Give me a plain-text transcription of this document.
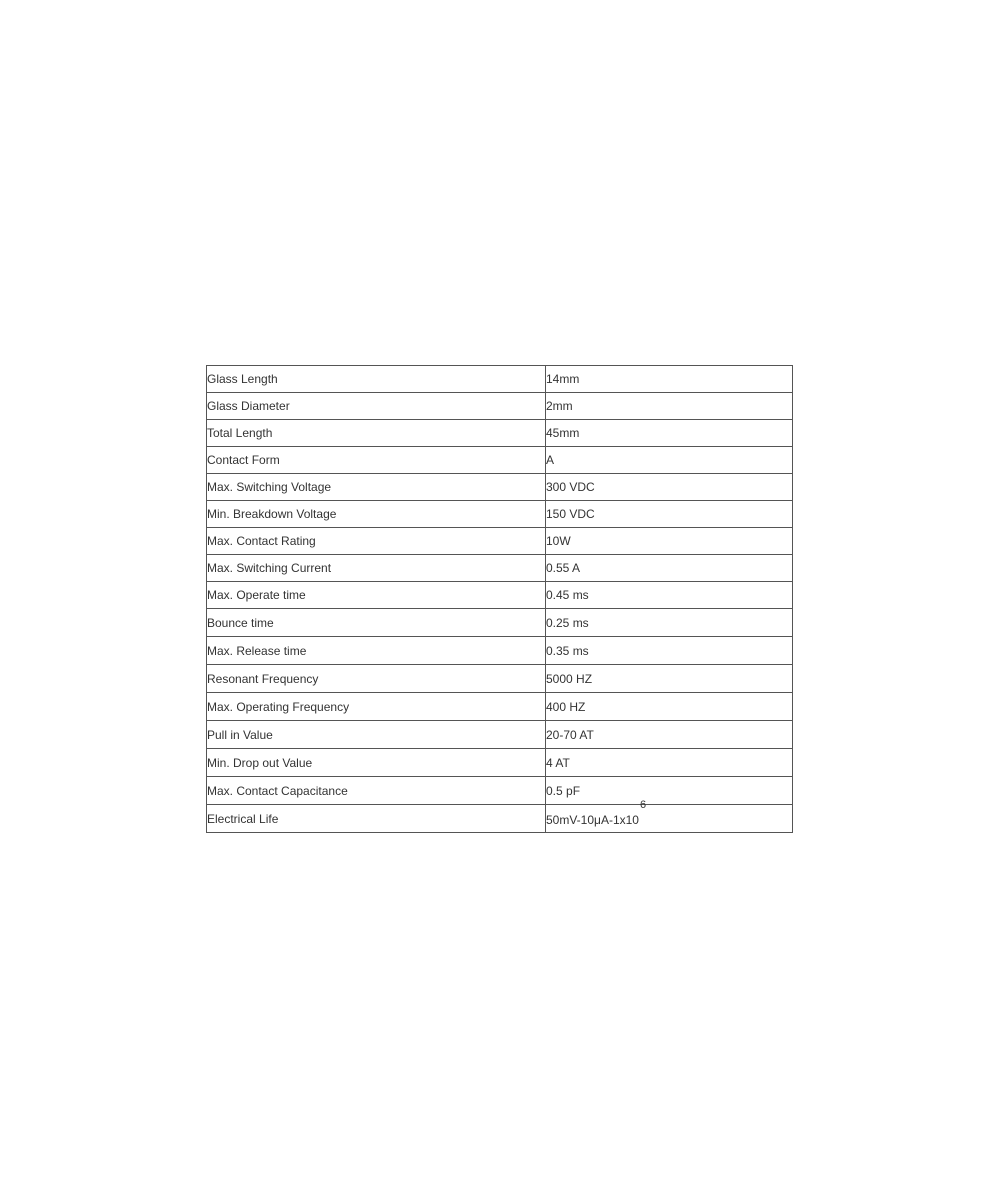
Glass Length	14mm
Glass Diameter	2mm
Total Length	45mm
Contact Form	A
Max. Switching Voltage	300 VDC
Min. Breakdown Voltage	150 VDC
Max. Contact Rating	10W
Max. Switching Current	0.55 A
Max. Operate time	0.45 ms
Bounce time	0.25 ms
Max. Release time	0.35 ms
Resonant Frequency	5000 HZ
Max. Operating Frequency	400 HZ
Pull in Value	20-70 AT
Min. Drop out Value	4 AT
Max. Contact Capacitance	0.5 pF
Electrical Life	$50mV-10\mu A-1x10^6$
